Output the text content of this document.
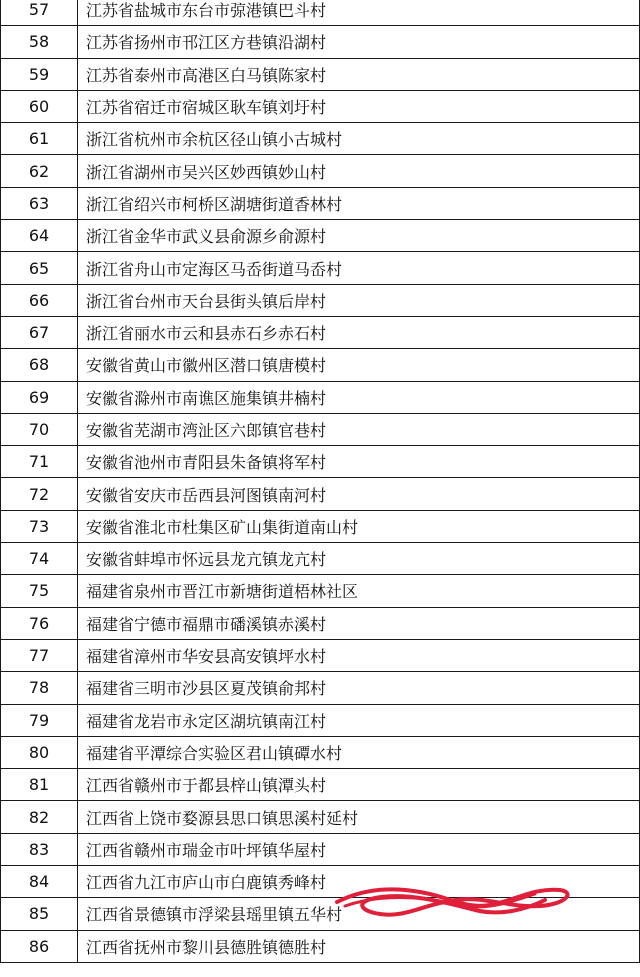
57	江苏省盐城市东台市弶港镇巴斗村
58	江苏省扬州市邗江区方巷镇沿湖村
59	江苏省泰州市高港区白马镇陈家村
60	江苏省宿迁市宿城区耿车镇刘圩村
61	浙江省杭州市余杭区径山镇小古城村
62	浙江省湖州市吴兴区妙西镇妙山村
63	浙江省绍兴市柯桥区湖塘街道香林村
64	浙江省金华市武义县俞源乡俞源村
65	浙江省舟山市定海区马岙街道马岙村
66	浙江省台州市天台县街头镇后岸村
67	浙江省丽水市云和县赤石乡赤石村
68	安徽省黄山市徽州区潜口镇唐模村
69	安徽省滁州市南谯区施集镇井楠村
70	安徽省芜湖市湾沚区六郎镇官巷村
71	安徽省池州市青阳县朱备镇将军村
72	安徽省安庆市岳西县河图镇南河村
73	安徽省淮北市杜集区矿山集街道南山村
74	安徽省蚌埠市怀远县龙亢镇龙亢村
75	福建省泉州市晋江市新塘街道梧林社区
76	福建省宁德市福鼎市磻溪镇赤溪村
77	福建省漳州市华安县高安镇坪水村
78	福建省三明市沙县区夏茂镇俞邦村
79	福建省龙岩市永定区湖坑镇南江村
80	福建省平潭综合实验区君山镇磹水村
81	江西省赣州市于都县梓山镇潭头村
82	江西省上饶市婺源县思口镇思溪村延村
83	江西省赣州市瑞金市叶坪镇华屋村
84	江西省九江市庐山市白鹿镇秀峰村
85	江西省景德镇市浮梁县瑶里镇五华村
86	江西省抚州市黎川县德胜镇德胜村
